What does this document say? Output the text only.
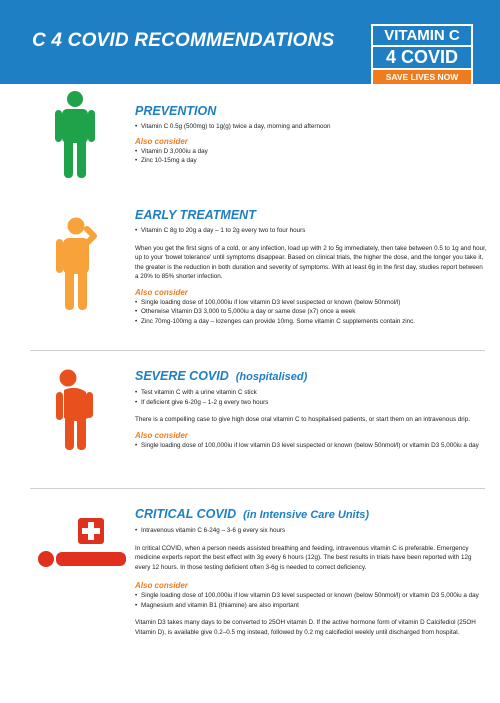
C 4 COVID RECOMMENDATIONS	VITAMIN C
4 COVID
SAVE LIVES NOW
PREVENTION
• Vitamin C 0.5g (500mg) to 1g(g) twice a day, morning and afternoon
Also consider
• Vitamin D 3,000iu a day
• Zinc 10-15mg a day
EARLY TREATMENT
• Vitamin C 8g to 20g a day – 1 to 2g every two to four hours

When you get the first signs of a cold, or any infection, load up with 2 to 5g immediately, then take between 0.5 to 1g and hour, up to your 'bowel tolerance' until symptoms disappear. Based on clinical trials, the higher the dose, and the longer you take it, the greater is the reduction in both duration and severity of symptoms. With at least 6g in the first day, studies report between a 20% to 85% shorter infection.

Also consider
• Single loading dose of 100,000iu if low vitamin D3 level suspected or known (below 50nmol/l)
• Otherwise Vitamin D3 3,000 to 5,000iu a day or same dose (x7) once a week
• Zinc 70mg-100mg a day – lozenges can provide 10mg. Some vitamin C supplements contain zinc.
SEVERE COVID (hospitalised)
• Test vitamin C with a urine vitamin C stick
• If deficient give 6-20g – 1-2 g every two hours

There is a compelling case to give high dose oral vitamin C to hospitalised patients, or start them on an intravenous drip.

Also consider
• Single loading dose of 100,000iu if low vitamin D3 level suspected or known (below 50nmol/l) or vitamin D3 5,000iu a day
CRITICAL COVID (in Intensive Care Units)
• Intravenous vitamin C 6-24g – 3-6 g every six hours

In critical COVID, when a person needs assisted breathing and feeding, intravenous vitamin C is preferable. Emergency medicine experts report the best effect with 3g every 6 hours (12g). The best results in trials have been reported with 12g every 12 hours. In those testing deficient often 3-6g is needed to correct deficiency.

Also consider
• Single loading dose of 100,000iu if low vitamin D3 level suspected or known (below 50nmol/l) or vitamin D3 5,000iu a day
• Magnesium and vitamin B1 (thiamine) are also important

Vitamin D3 takes many days to be converted to 25OH vitamin D. If the active hormone form of vitamin D Calcifediol (25OH Vitamin D), is available give 0.2–0.5 mg instead, followed by 0.2 mg calcifediol weekly until discharged from hospital.
